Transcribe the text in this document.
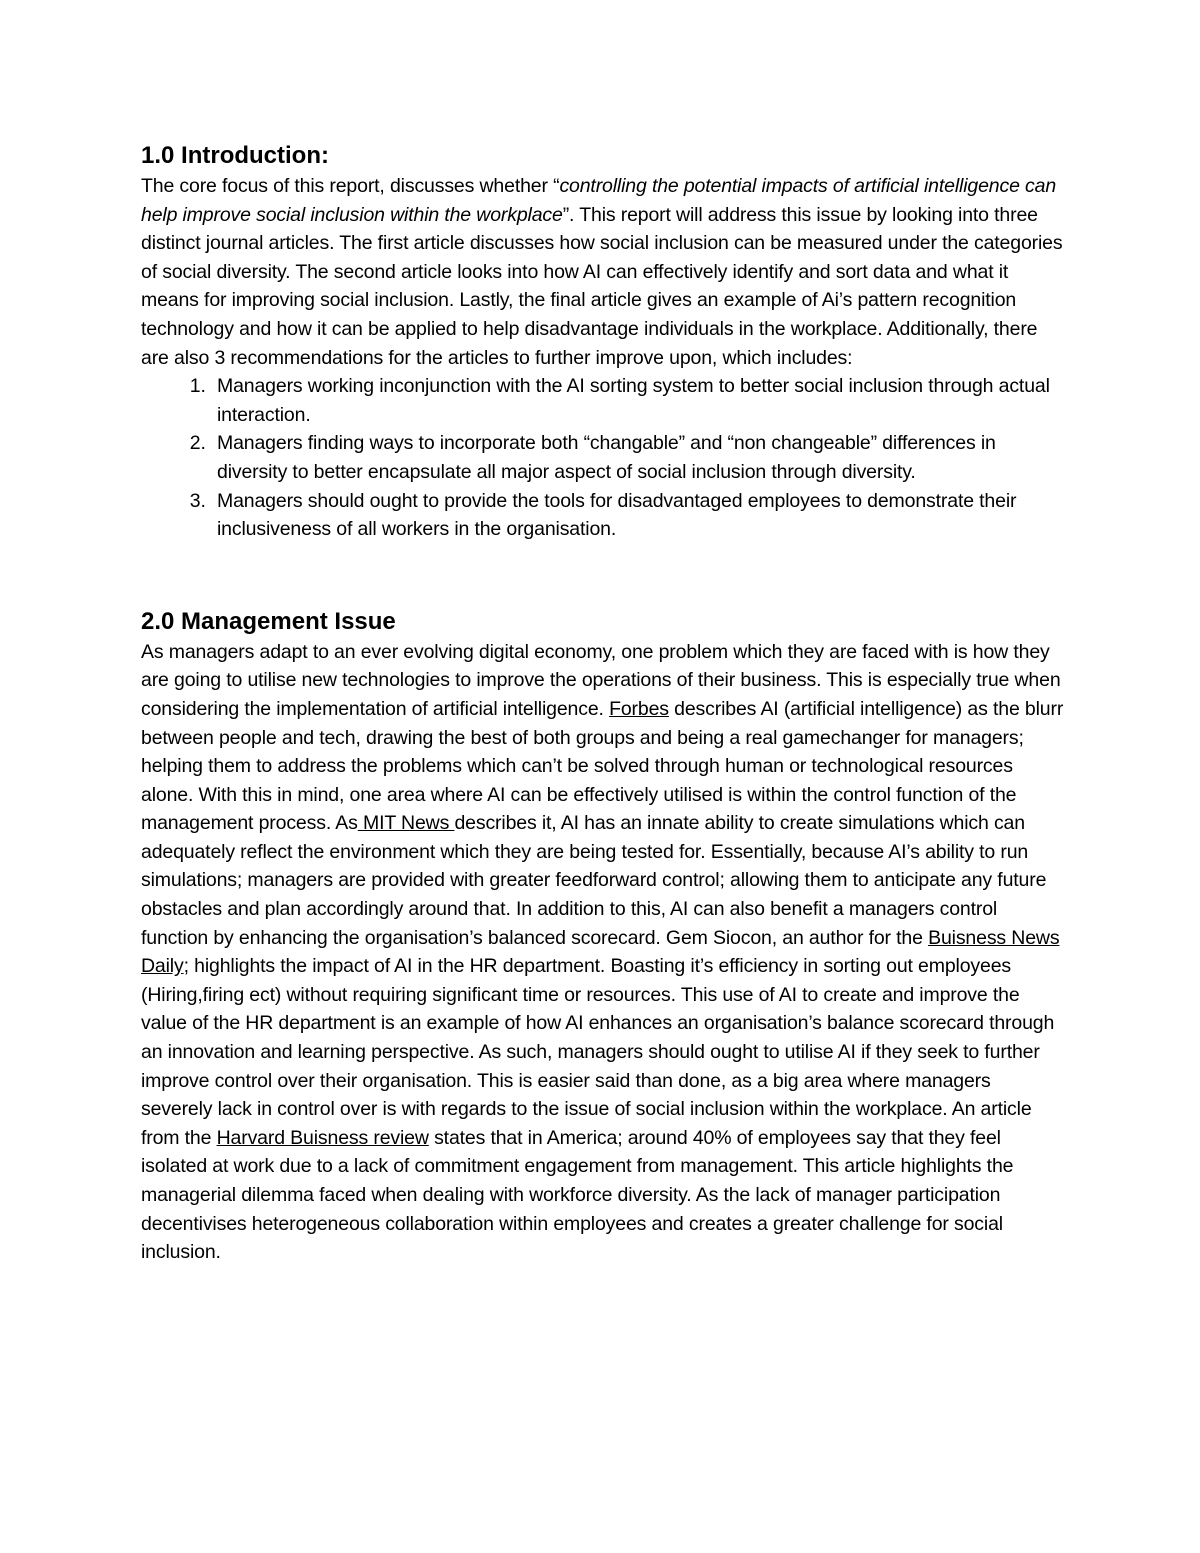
1.0 Introduction:

The core focus of this report, discusses whether “controlling the potential impacts of artificial intelligence can help improve social inclusion within the workplace”. This report will address this issue by looking into three distinct journal articles. The first article discusses how social inclusion can be measured under the categories of social diversity. The second article looks into how AI can effectively identify and sort data and what it means for improving social inclusion. Lastly, the final article gives an example of Ai’s pattern recognition technology and how it can be applied to help disadvantage individuals in the workplace. Additionally, there are also 3 recommendations for the articles to further improve upon, which includes:

1. Managers working inconjunction with the AI sorting system to better social inclusion through actual interaction.
2. Managers finding ways to incorporate both “changable” and “non changeable” differences in diversity to better encapsulate all major aspect of social inclusion through diversity.
3. Managers should ought to provide the tools for disadvantaged employees to demonstrate their inclusiveness of all workers in the organisation.
2.0 Management Issue

As managers adapt to an ever evolving digital economy, one problem which they are faced with is how they are going to utilise new technologies to improve the operations of their business. This is especially true when considering the implementation of artificial intelligence. Forbes describes AI (artificial intelligence) as the blurr between people and tech, drawing the best of both groups and being a real gamechanger for managers; helping them to address the problems which can’t be solved through human or technological resources alone. With this in mind, one area where AI can be effectively utilised is within the control function of the management process. As MIT News describes it, AI has an innate ability to create simulations which can adequately reflect the environment which they are being tested for. Essentially, because AI’s ability to run simulations; managers are provided with greater feedforward control; allowing them to anticipate any future obstacles and plan accordingly around that. In addition to this, AI can also benefit a managers control function by enhancing the organisation’s balanced scorecard. Gem Siocon, an author for the Buisness News Daily; highlights the impact of AI in the HR department. Boasting it’s efficiency in sorting out employees (Hiring,firing ect) without requiring significant time or resources. This use of AI to create and improve the value of the HR department is an example of how AI enhances an organisation’s balance scorecard through an innovation and learning perspective. As such, managers should ought to utilise AI if they seek to further improve control over their organisation. This is easier said than done, as a big area where managers severely lack in control over is with regards to the issue of social inclusion within the workplace. An article from the Harvard Buisness review states that in America; around 40% of employees say that they feel isolated at work due to a lack of commitment engagement from management. This article highlights the managerial dilemma faced when dealing with workforce diversity. As the lack of manager participation decentivises heterogeneous collaboration within employees and creates a greater challenge for social inclusion.
